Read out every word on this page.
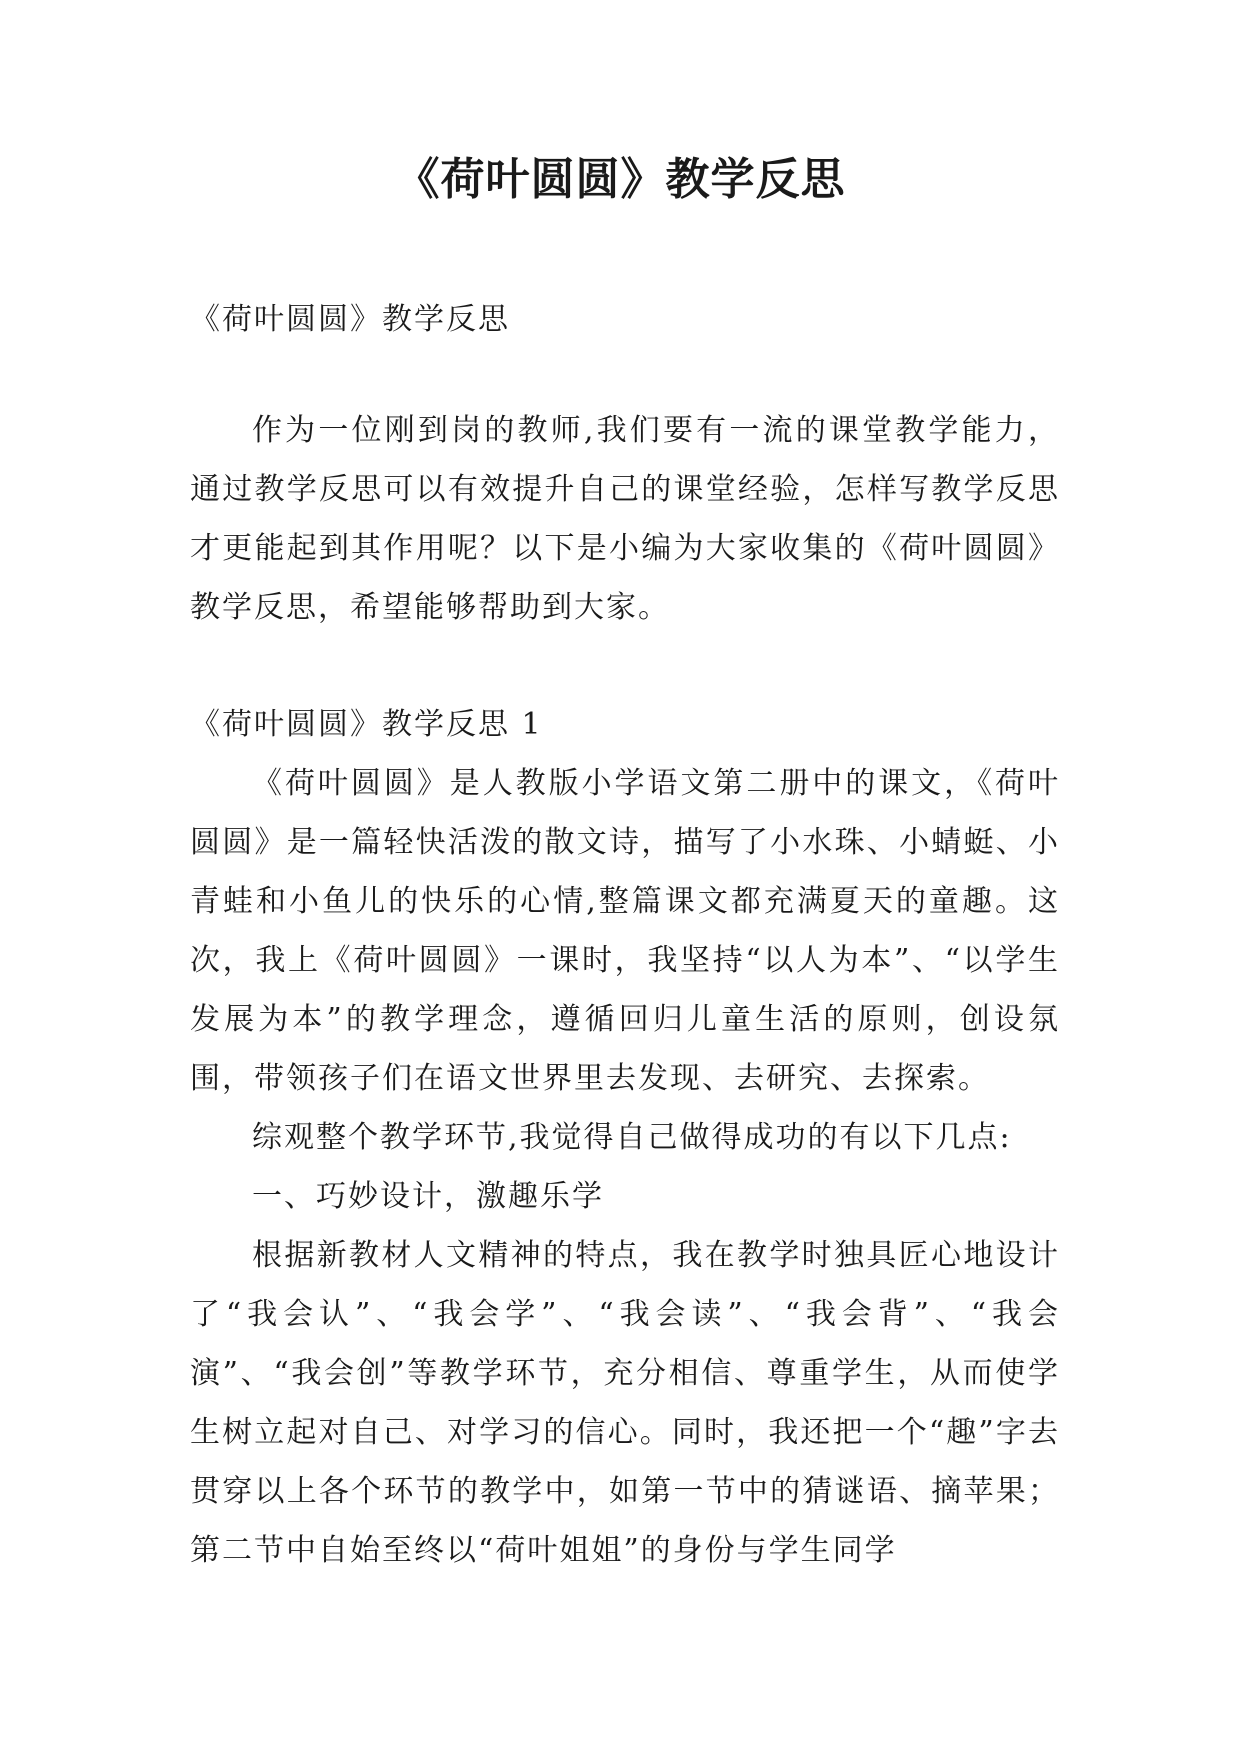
《荷叶圆圆》教学反思
《荷叶圆圆》教学反思

作为一位刚到岗的教师,我们要有一流的课堂教学能力，通过教学反思可以有效提升自己的课堂经验，怎样写教学反思才更能起到其作用呢？以下是小编为大家收集的《荷叶圆圆》教学反思，希望能够帮助到大家。

《荷叶圆圆》教学反思 1

《荷叶圆圆》是人教版小学语文第二册中的课文，《荷叶圆圆》是一篇轻快活泼的散文诗，描写了小水珠、小蜻蜓、小青蛙和小鱼儿的快乐的心情,整篇课文都充满夏天的童趣。这次，我上《荷叶圆圆》一课时，我坚持“以人为本”、“以学生发展为本”的教学理念，遵循回归儿童生活的原则，创设氛围，带领孩子们在语文世界里去发现、去研究、去探索。

综观整个教学环节,我觉得自己做得成功的有以下几点:

一、巧妙设计，激趣乐学

根据新教材人文精神的特点，我在教学时独具匠心地设计了“我会认”、“我会学”、“我会读”、“我会背”、“我会演”、“我会创”等教学环节，充分相信、尊重学生，从而使学生树立起对自己、对学习的信心。同时，我还把一个“趣”字去贯穿以上各个环节的教学中，如第一节中的猜谜语、摘苹果；第二节中自始至终以“荷叶姐姐”的身份与学生同学
